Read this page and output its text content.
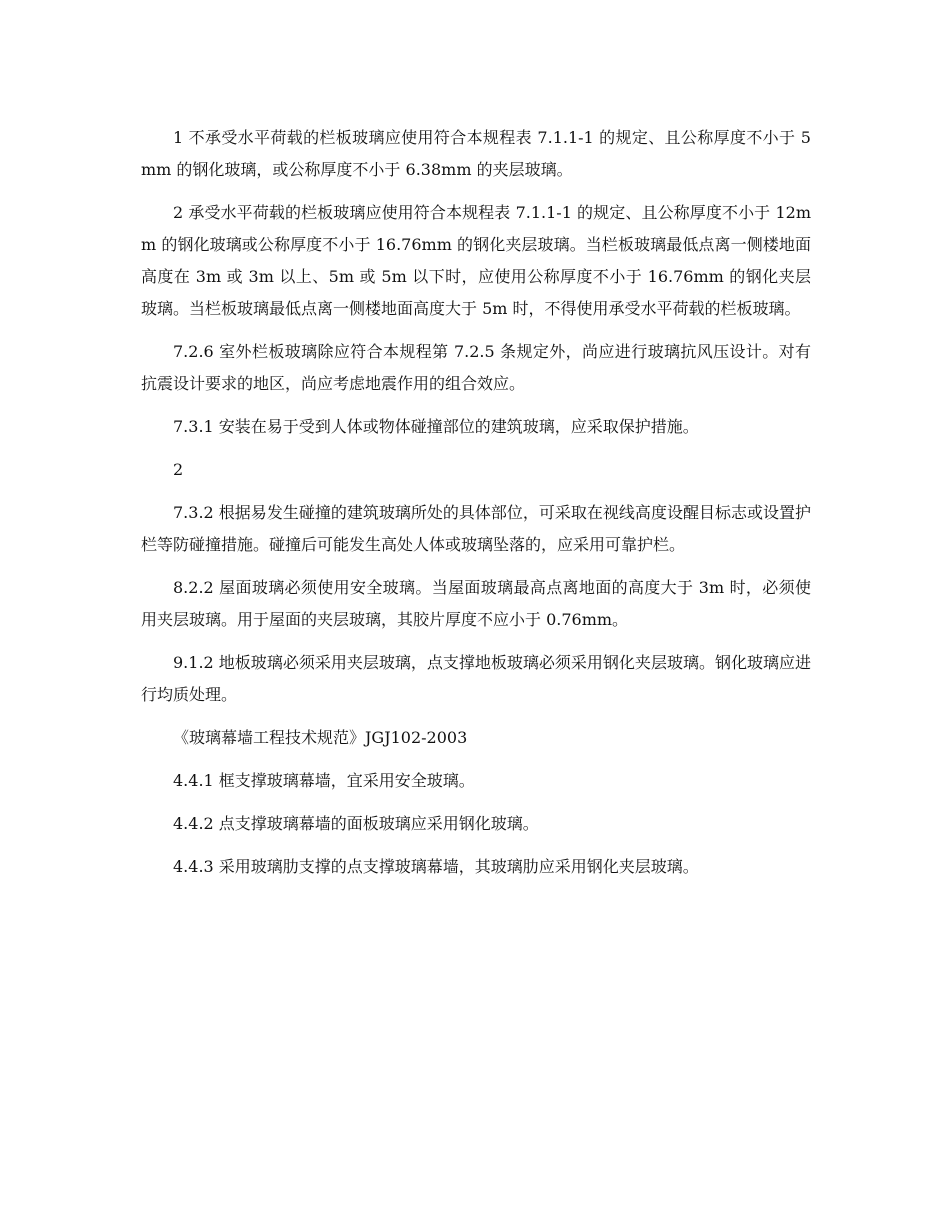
1 不承受水平荷载的栏板玻璃应使用符合本规程表 7.1.1-1 的规定、且公称厚度不小于 5mm 的钢化玻璃，或公称厚度不小于 6.38mm 的夹层玻璃。

2 承受水平荷载的栏板玻璃应使用符合本规程表 7.1.1-1 的规定、且公称厚度不小于 12mm 的钢化玻璃或公称厚度不小于 16.76mm 的钢化夹层玻璃。当栏板玻璃最低点离一侧楼地面高度在 3m 或 3m 以上、5m 或 5m 以下时，应使用公称厚度不小于 16.76mm 的钢化夹层玻璃。当栏板玻璃最低点离一侧楼地面高度大于 5m 时，不得使用承受水平荷载的栏板玻璃。

7.2.6 室外栏板玻璃除应符合本规程第 7.2.5 条规定外，尚应进行玻璃抗风压设计。对有抗震设计要求的地区，尚应考虑地震作用的组合效应。

7.3.1 安装在易于受到人体或物体碰撞部位的建筑玻璃，应采取保护措施。

2

7.3.2 根据易发生碰撞的建筑玻璃所处的具体部位，可采取在视线高度设醒目标志或设置护栏等防碰撞措施。碰撞后可能发生高处人体或玻璃坠落的，应采用可靠护栏。

8.2.2 屋面玻璃必须使用安全玻璃。当屋面玻璃最高点离地面的高度大于 3m 时，必须使用夹层玻璃。用于屋面的夹层玻璃，其胶片厚度不应小于 0.76mm。

9.1.2 地板玻璃必须采用夹层玻璃，点支撑地板玻璃必须采用钢化夹层玻璃。钢化玻璃应进行均质处理。

《玻璃幕墙工程技术规范》JGJ102-2003

4.4.1 框支撑玻璃幕墙，宜采用安全玻璃。

4.4.2 点支撑玻璃幕墙的面板玻璃应采用钢化玻璃。

4.4.3 采用玻璃肋支撑的点支撑玻璃幕墙，其玻璃肋应采用钢化夹层玻璃。
